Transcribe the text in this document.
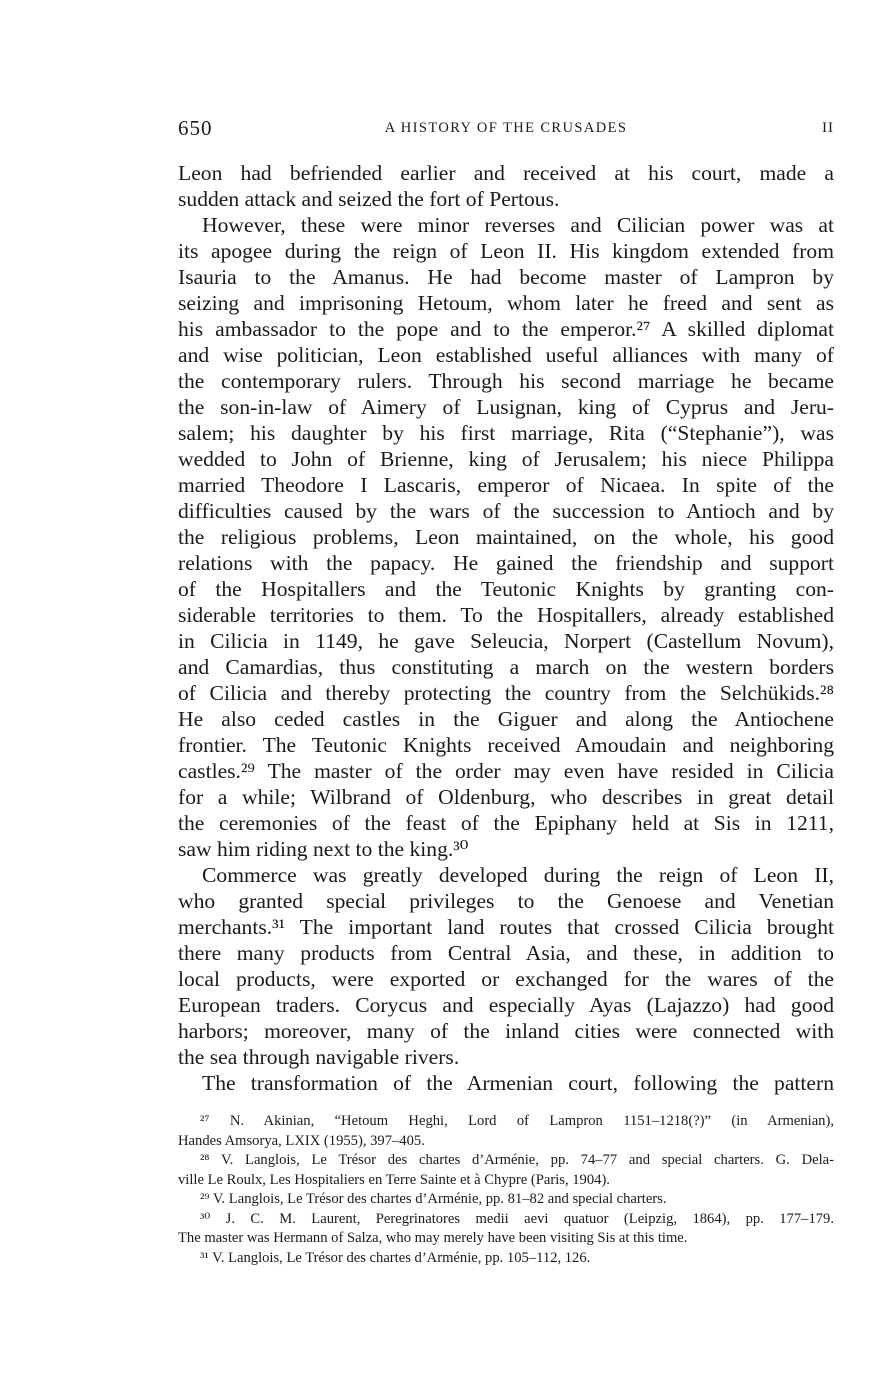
650	A HISTORY OF THE CRUSADES	II
Leon had befriended earlier and received at his court, made a
sudden attack and seized the fort of Pertous.
However, these were minor reverses and Cilician power was at
its apogee during the reign of Leon II. His kingdom extended from
Isauria to the Amanus. He had become master of Lampron by
seizing and imprisoning Hetoum, whom later he freed and sent as
his ambassador to the pope and to the emperor.²⁷ A skilled diplomat
and wise politician, Leon established useful alliances with many of
the contemporary rulers. Through his second marriage he became
the son-in-law of Aimery of Lusignan, king of Cyprus and Jeru-
salem; his daughter by his first marriage, Rita (“Stephanie”), was
wedded to John of Brienne, king of Jerusalem; his niece Philippa
married Theodore I Lascaris, emperor of Nicaea. In spite of the
difficulties caused by the wars of the succession to Antioch and by
the religious problems, Leon maintained, on the whole, his good
relations with the papacy. He gained the friendship and support
of the Hospitallers and the Teutonic Knights by granting con-
siderable territories to them. To the Hospitallers, already established
in Cilicia in 1149, he gave Seleucia, Norpert (Castellum Novum),
and Camardias, thus constituting a march on the western borders
of Cilicia and thereby protecting the country from the Selchükids.²⁸
He also ceded castles in the Giguer and along the Antiochene
frontier. The Teutonic Knights received Amoudain and neighboring
castles.²⁹ The master of the order may even have resided in Cilicia
for a while; Wilbrand of Oldenburg, who describes in great detail
the ceremonies of the feast of the Epiphany held at Sis in 1211,
saw him riding next to the king.³⁰
Commerce was greatly developed during the reign of Leon II,
who granted special privileges to the Genoese and Venetian
merchants.³¹ The important land routes that crossed Cilicia brought
there many products from Central Asia, and these, in addition to
local products, were exported or exchanged for the wares of the
European traders. Corycus and especially Ayas (Lajazzo) had good
harbors; moreover, many of the inland cities were connected with
the sea through navigable rivers.
The transformation of the Armenian court, following the pattern
²⁷ N. Akinian, “Hetoum Heghi, Lord of Lampron 1151–1218(?)” (in Armenian),
Handes Amsorya, LXIX (1955), 397–405.
²⁸ V. Langlois, Le Trésor des chartes d’Arménie, pp. 74–77 and special charters. G. Dela-
ville Le Roulx, Les Hospitaliers en Terre Sainte et à Chypre (Paris, 1904).
²⁹ V. Langlois, Le Trésor des chartes d’Arménie, pp. 81–82 and special charters.
³⁰ J. C. M. Laurent, Peregrinatores medii aevi quatuor (Leipzig, 1864), pp. 177–179.
The master was Hermann of Salza, who may merely have been visiting Sis at this time.
³¹ V. Langlois, Le Trésor des chartes d’Arménie, pp. 105–112, 126.
